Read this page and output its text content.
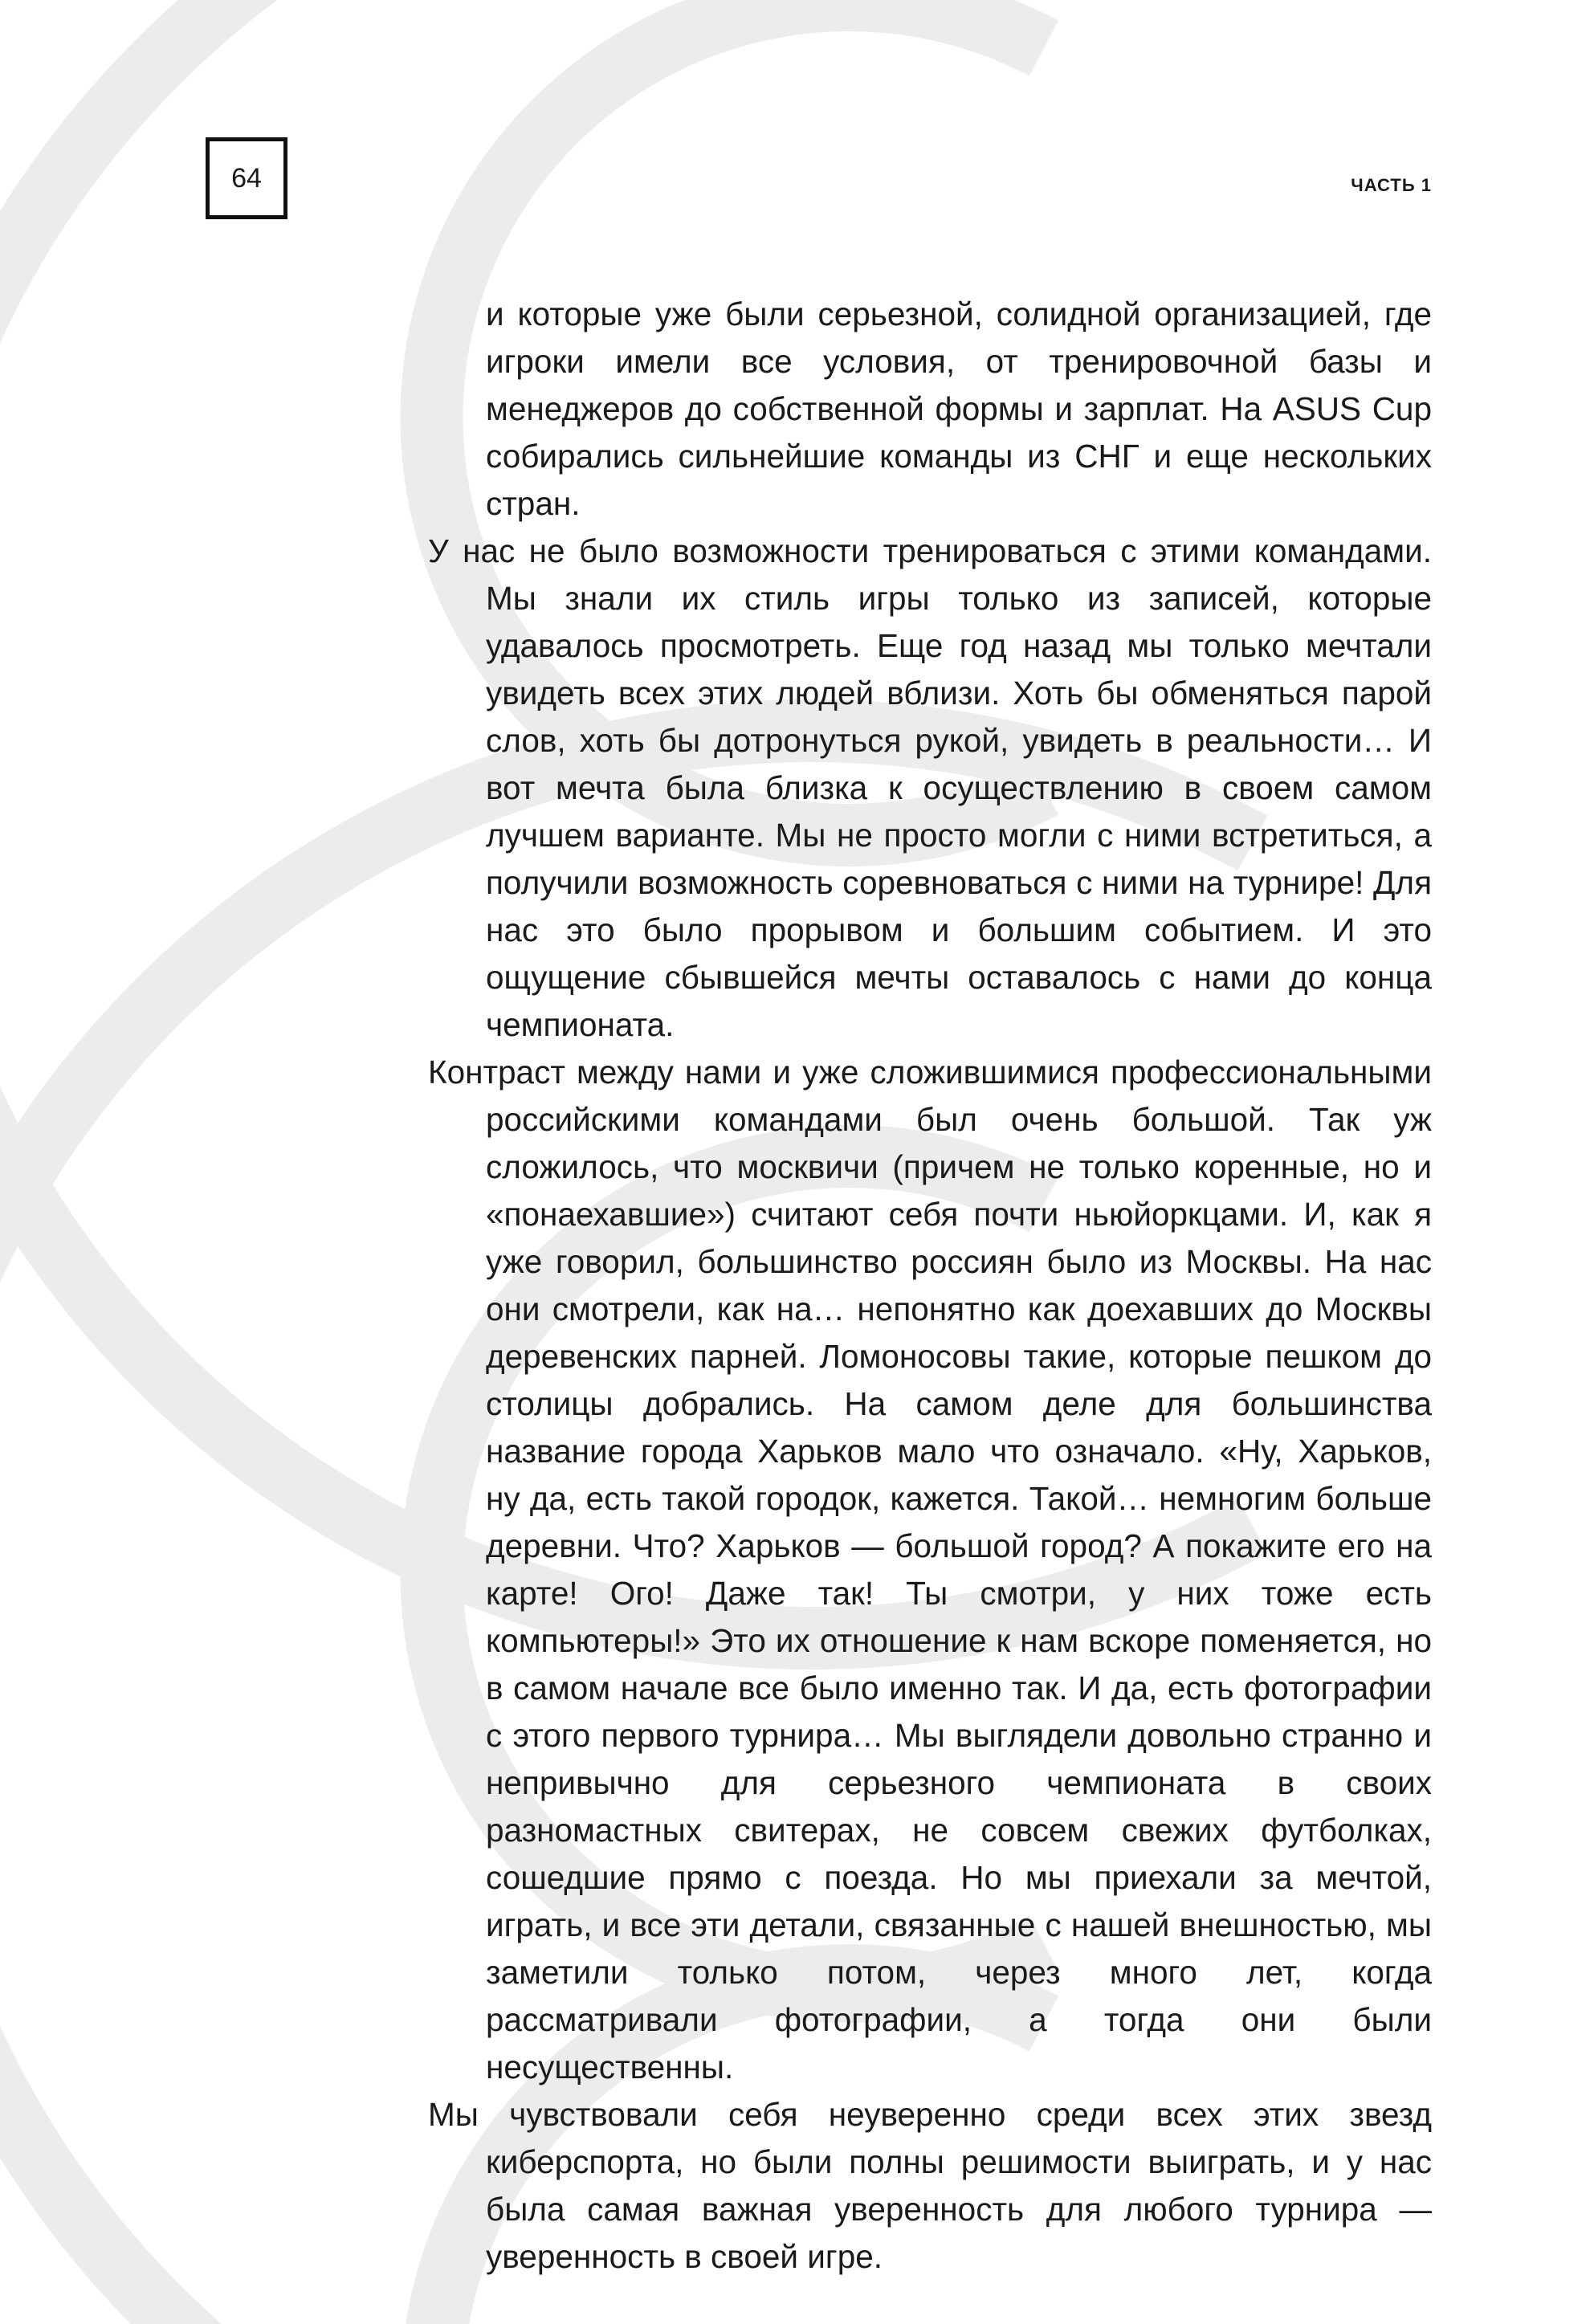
64	ЧАСТЬ 1

и которые уже были серьезной, солидной организацией, где игроки имели все условия, от тренировочной базы и менеджеров до собственной формы и зарплат. На ASUS Cup собирались сильнейшие команды из СНГ и еще нескольких стран.

У нас не было возможности тренироваться с этими командами. Мы знали их стиль игры только из записей, которые удавалось просмотреть. Еще год назад мы только мечтали увидеть всех этих людей вблизи. Хоть бы обменяться парой слов, хоть бы дотронуться рукой, увидеть в реальности… И вот мечта была близка к осуществлению в своем самом лучшем варианте. Мы не просто могли с ними встретиться, а получили возможность соревноваться с ними на турнире! Для нас это было прорывом и большим событием. И это ощущение сбывшейся мечты оставалось с нами до конца чемпионата.

Контраст между нами и уже сложившимися профессиональными российскими командами был очень большой. Так уж сложилось, что москвичи (причем не только коренные, но и «понаехавшие») считают себя почти ньюйоркцами. И, как я уже говорил, большинство россиян было из Москвы. На нас они смотрели, как на… непонятно как доехавших до Москвы деревенских парней. Ломоносовы такие, которые пешком до столицы добрались. На самом деле для большинства название города Харьков мало что означало. «Ну, Харьков, ну да, есть такой городок, кажется. Такой… немногим больше деревни. Что? Харьков — большой город? А покажите его на карте! Ого! Даже так! Ты смотри, у них тоже есть компьютеры!» Это их отношение к нам вскоре поменяется, но в самом начале все было именно так. И да, есть фотографии с этого первого турнира… Мы выглядели довольно странно и непривычно для серьезного чемпионата в своих разномастных свитерах, не совсем свежих футболках, сошедшие прямо с поезда. Но мы приехали за мечтой, играть, и все эти детали, связанные с нашей внешностью, мы заметили только потом, через много лет, когда рассматривали фотографии, а тогда они были несущественны.

Мы чувствовали себя неуверенно среди всех этих звезд киберспорта, но были полны решимости выиграть, и у нас была самая важная уверенность для любого турнира — уверенность в своей игре.
